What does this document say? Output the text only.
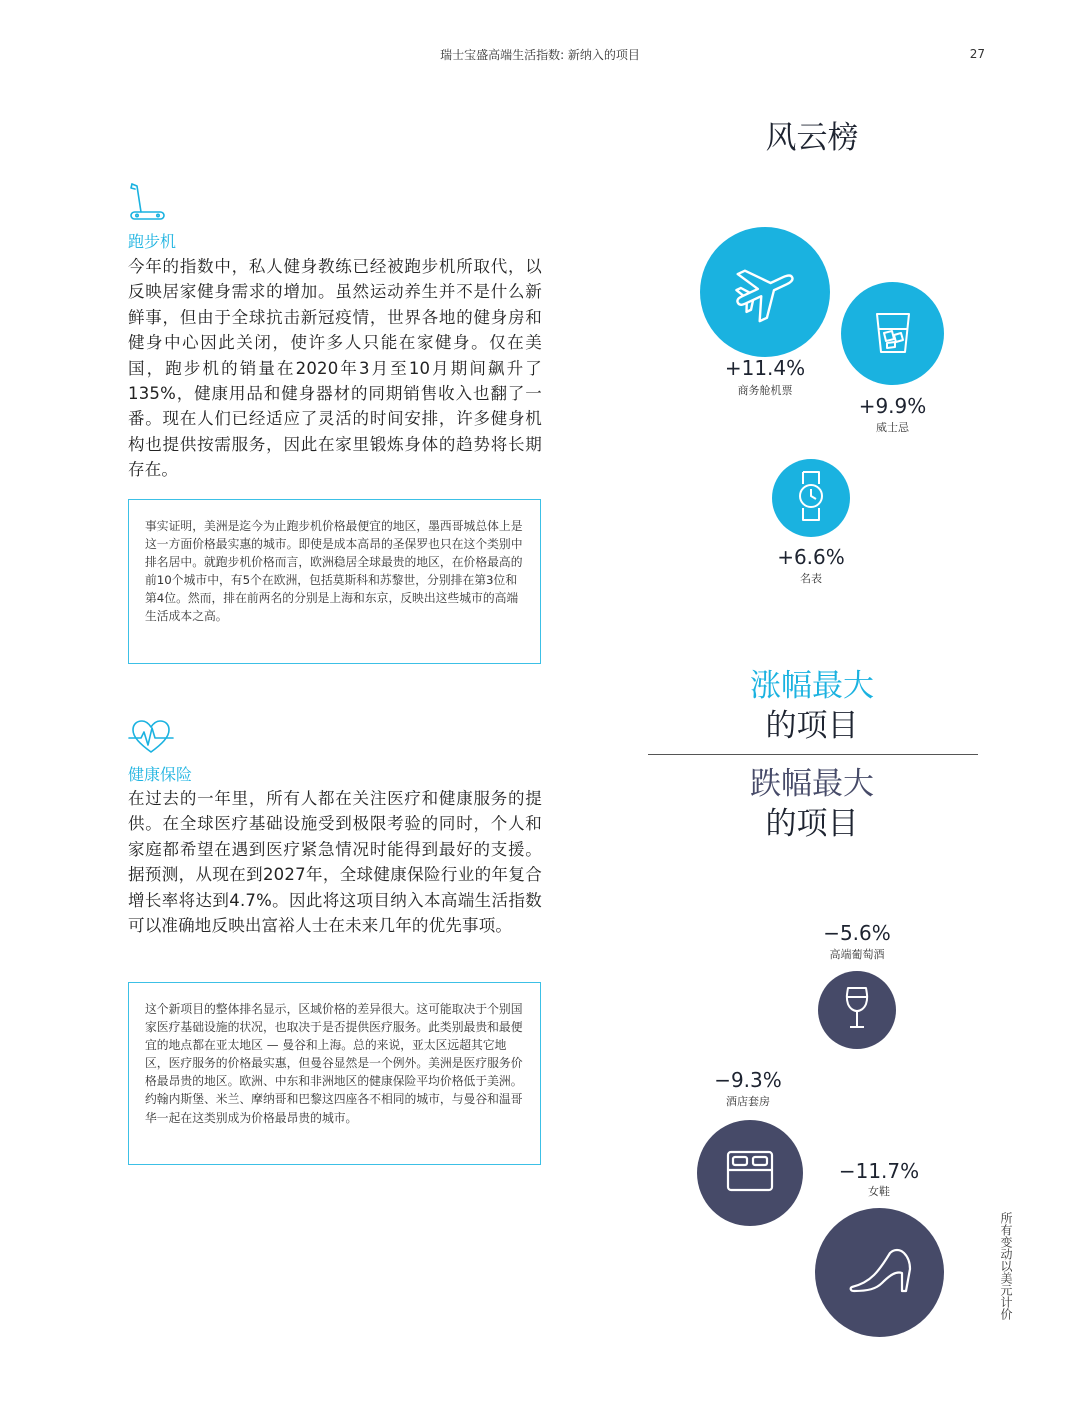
瑞士宝盛高端生活指数: 新纳入的项目	27
跑步机
今年的指数中，私人健身教练已经被跑步机所取代，以反映居家健身需求的增加。虽然运动养生并不是什么新鲜事，但由于全球抗击新冠疫情，世界各地的健身房和健身中心因此关闭，使许多人只能在家健身。仅在美国，跑步机的销量在2020年3月至10月期间飙升了135%，健康用品和健身器材的同期销售收入也翻了一番。现在人们已经适应了灵活的时间安排，许多健身机构也提供按需服务，因此在家里锻炼身体的趋势将长期存在。
事实证明，美洲是迄今为止跑步机价格最便宜的地区，墨西哥城总体上是这一方面价格最实惠的城市。即使是成本高昂的圣保罗也只在这个类别中排名居中。就跑步机价格而言，欧洲稳居全球最贵的地区，在价格最高的前10个城市中，有5个在欧洲，包括莫斯科和苏黎世，分别排在第3位和第4位。然而，排在前两名的分别是上海和东京，反映出这些城市的高端生活成本之高。
健康保险
在过去的一年里，所有人都在关注医疗和健康服务的提供。在全球医疗基础设施受到极限考验的同时，个人和家庭都希望在遇到医疗紧急情况时能得到最好的支援。据预测，从现在到2027年，全球健康保险行业的年复合增长率将达到4.7%。因此将这项目纳入本高端生活指数可以准确地反映出富裕人士在未来几年的优先事项。
这个新项目的整体排名显示，区域价格的差异很大。这可能取决于个别国家医疗基础设施的状况，也取决于是否提供医疗服务。此类别最贵和最便宜的地点都在亚太地区 — 曼谷和上海。总的来说，亚太区远超其它地区，医疗服务的价格最实惠，但曼谷显然是一个例外。美洲是医疗服务价格最昂贵的地区。欧洲、中东和非洲地区的健康保险平均价格低于美洲。约翰内斯堡、米兰、摩纳哥和巴黎这四座各不相同的城市，与曼谷和温哥华一起在这类别成为价格最昂贵的城市。
风云榜
+11.4%
商务舱机票
+9.9%
威士忌
+6.6%
名表
涨幅最大
的项目
跌幅最大
的项目
−5.6%
高端葡萄酒
−9.3%
酒店套房
−11.7%
女鞋
所有变动以美元计价
